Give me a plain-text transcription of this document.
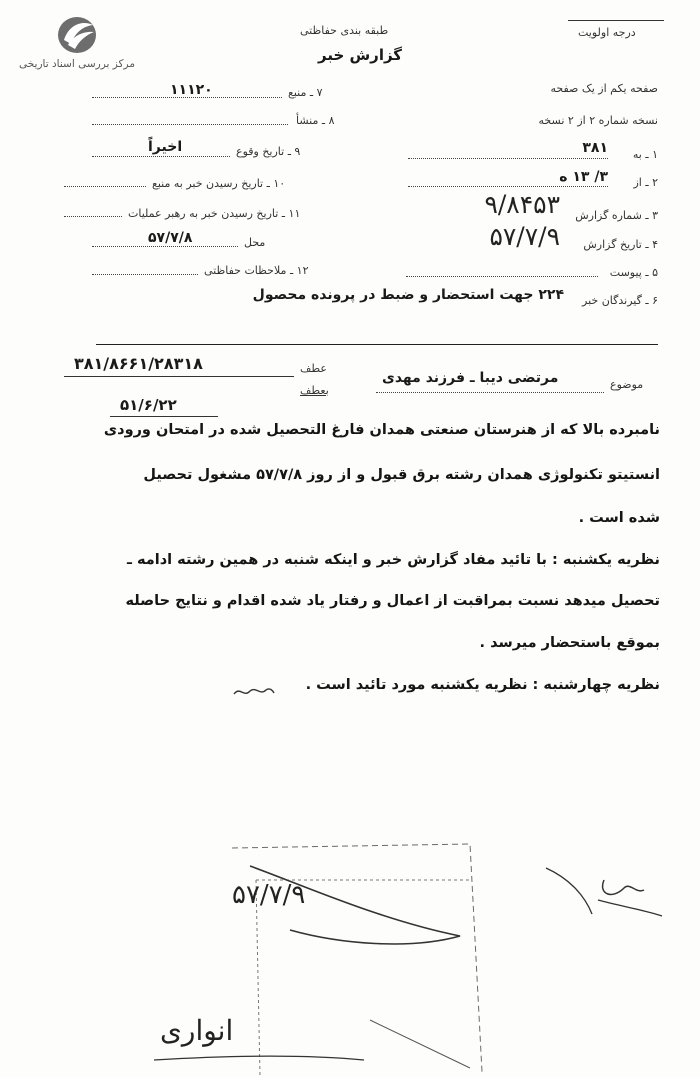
مرکز بررسی اسناد تاریخی
طبقه بندی حفاظتی
گزارش خبر
درجه اولویت
صفحه یکم از یک صفحه
نسخه شماره ۲ از ۲ نسخه
۱ ـ به
۳۸۱
۲ ـ از
۳/ ۱۳ ه
۳ ـ شماره گزارش
۹/۸۴۵۳
۴ ـ تاریخ گزارش
۵۷/۷/۹
۵ ـ پیوست
۶ ـ گیرندگان خبر
۲۲۴ جهت استحضار و ضبط در پرونده محصول
۷ ـ منبع
۱۱۱۲۰
۸ ـ منشأ
۹ ـ تاریخ وقوع
اخیراً
۱۰ ـ تاریخ رسیدن خبر به منبع
۱۱ ـ تاریخ رسیدن خبر به رهبر عملیات
محل
۵۷/۷/۸
۱۲ ـ ملاحظات حفاظتی
موضوع
مرتضی دیبا ـ فرزند مهدی
عطف
بعطف
۳۸۱/۸۶۶۱/۲۸۳۱۸
۵۱/۶/۲۲
نامبرده بالا که از هنرستان صنعتی همدان فارغ التحصیل شده در امتحان ورودی
انستیتو تکنولوژی همدان رشته برق قبول و از روز ۵۷/۷/۸ مشغول تحصیل
شده است .
نظریه یکشنبه : با تائید مفاد گزارش خبر و اینکه شنبه در همین رشته ادامه ـ
تحصیل میدهد نسبت بمراقبت از اعمال و رفتار یاد شده اقدام و نتایج حاصله
بموقع باستحضار میرسد .
نظریه چهارشنبه : نظریه یکشنبه مورد تائید است .
۵۷/۷/۹
انواری
